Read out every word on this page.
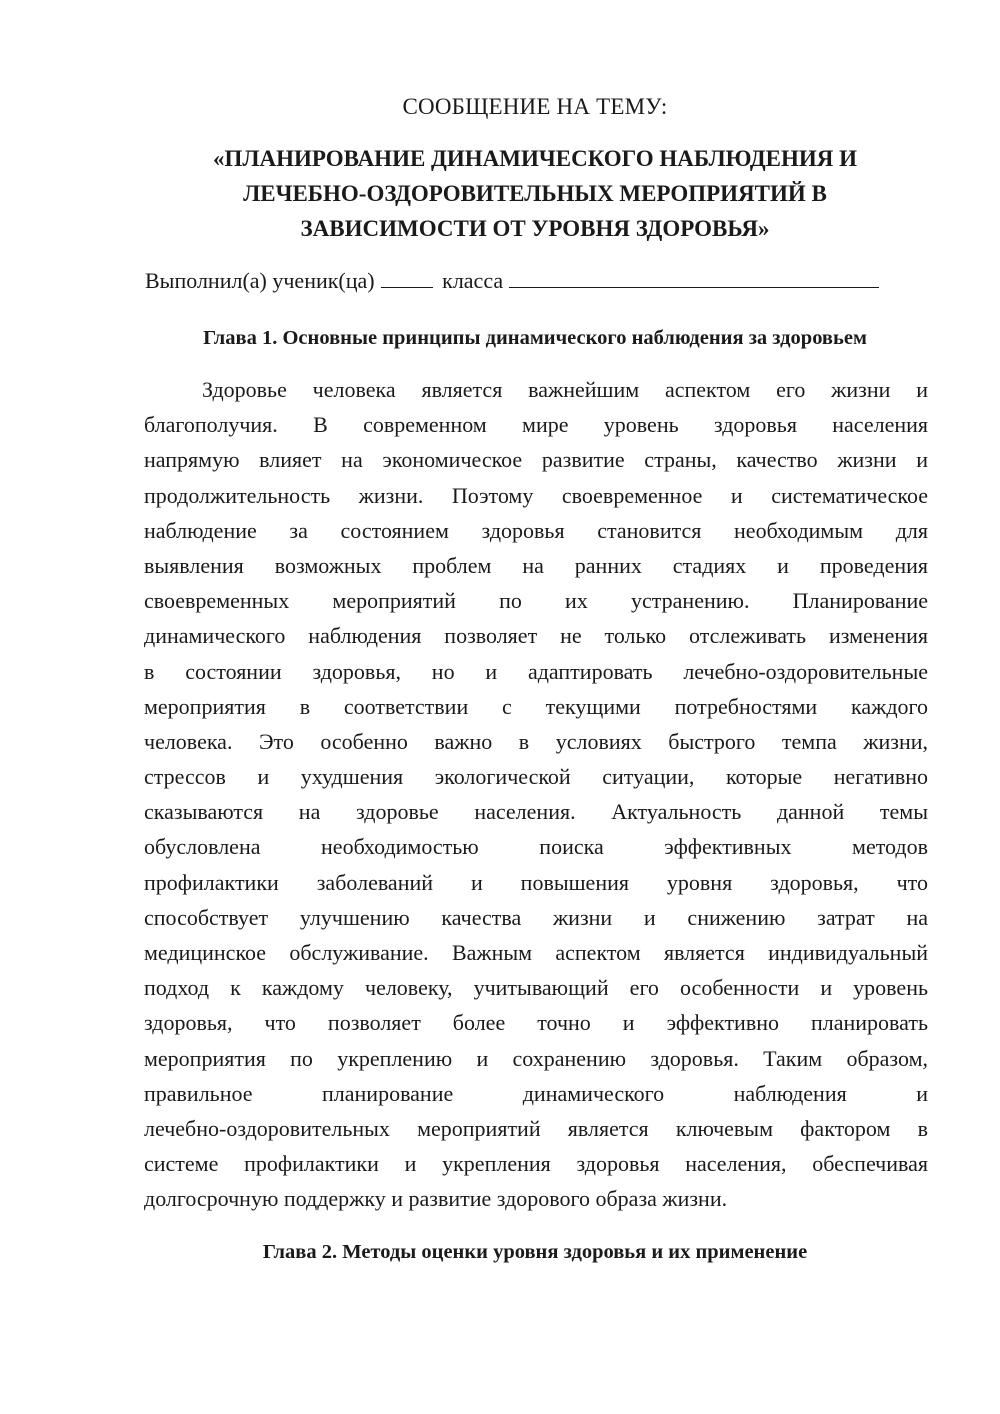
СООБЩЕНИЕ НА ТЕМУ:
«ПЛАНИРОВАНИЕ ДИНАМИЧЕСКОГО НАБЛЮДЕНИЯ И
ЛЕЧЕБНО-ОЗДОРОВИТЕЛЬНЫХ МЕРОПРИЯТИЙ В
ЗАВИСИМОСТИ ОТ УРОВНЯ ЗДОРОВЬЯ»
Выполнил(а) ученик(ца)	класса
Глава 1. Основные принципы динамического наблюдения за здоровьем
Здоровье человека является важнейшим аспектом его жизни и
благополучия. В современном мире уровень здоровья населения
напрямую влияет на экономическое развитие страны, качество жизни и
продолжительность жизни. Поэтому своевременное и систематическое
наблюдение за состоянием здоровья становится необходимым для
выявления возможных проблем на ранних стадиях и проведения
своевременных мероприятий по их устранению. Планирование
динамического наблюдения позволяет не только отслеживать изменения
в состоянии здоровья, но и адаптировать лечебно-оздоровительные
мероприятия в соответствии с текущими потребностями каждого
человека. Это особенно важно в условиях быстрого темпа жизни,
стрессов и ухудшения экологической ситуации, которые негативно
сказываются на здоровье населения. Актуальность данной темы
обусловлена необходимостью поиска эффективных методов
профилактики заболеваний и повышения уровня здоровья, что
способствует улучшению качества жизни и снижению затрат на
медицинское обслуживание. Важным аспектом является индивидуальный
подход к каждому человеку, учитывающий его особенности и уровень
здоровья, что позволяет более точно и эффективно планировать
мероприятия по укреплению и сохранению здоровья. Таким образом,
правильное планирование динамического наблюдения и
лечебно-оздоровительных мероприятий является ключевым фактором в
системе профилактики и укрепления здоровья населения, обеспечивая
долгосрочную поддержку и развитие здорового образа жизни.
Глава 2. Методы оценки уровня здоровья и их применение
